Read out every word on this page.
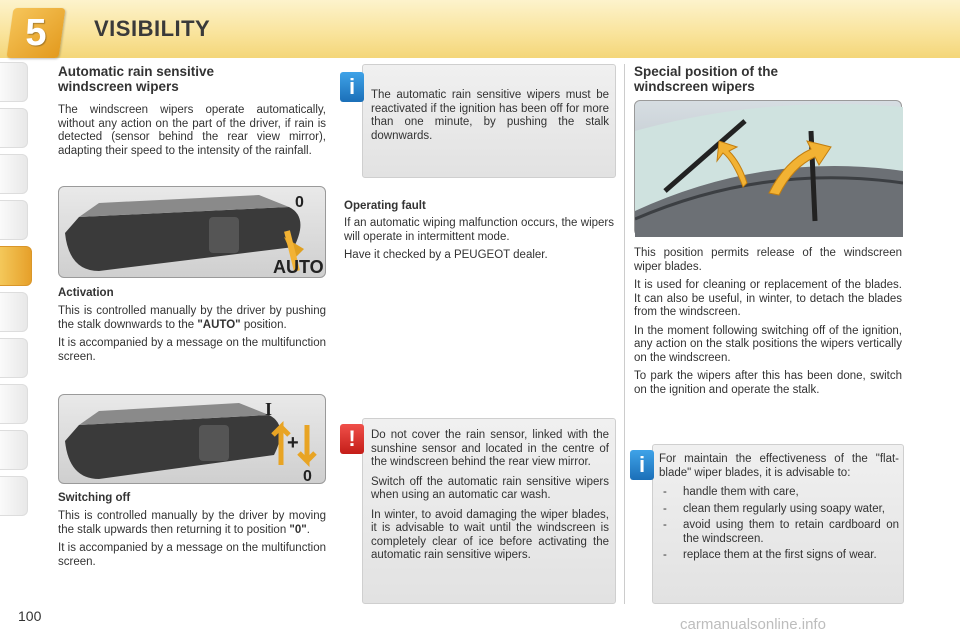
5	VISIBILITY
Automatic rain sensitive windscreen wipers
The windscreen wipers operate automatically, without any action on the part of the driver, if rain is detected (sensor behind the rear view mirror), adapting their speed to the intensity of the rainfall.
0
AUTO
Activation

This is controlled manually by the driver by pushing the stalk downwards to the "AUTO" position.

It is accompanied by a message on the multifunction screen.

I
+
0
Switching off

This is controlled manually by the driver by moving the stalk upwards then returning it to position "0".

It is accompanied by a message on the multifunction screen.

The automatic rain sensitive wipers must be reactivated if the ignition has been off for more than one minute, by pushing the stalk downwards.
i
Operating fault

If an automatic wiping malfunction occurs, the wipers will operate in intermittent mode.

Have it checked by a PEUGEOT dealer.

Do not cover the rain sensor, linked with the sunshine sensor and located in the centre of the windscreen behind the rear view mirror.

Switch off the automatic rain sensitive wipers when using an automatic car wash.

In winter, to avoid damaging the wiper blades, it is advisable to wait until the windscreen is completely clear of ice before activating the automatic rain sensitive wipers.

!
Special position of the windscreen wipers

This position permits release of the windscreen wiper blades.

It is used for cleaning or replacement of the blades. It can also be useful, in winter, to detach the blades from the windscreen.

In the moment following switching off of the ignition, any action on the stalk positions the wipers vertically on the windscreen.

To park the wipers after this has been done, switch on the ignition and operate the stalk.

For maintain the effectiveness of the "flat-blade" wiper blades, it is advisable to:

- handle them with care,
- clean them regularly using soapy water,
- avoid using them to retain cardboard on the windscreen.
- replace them at the first signs of wear.
i
100	carmanualsonline.info
